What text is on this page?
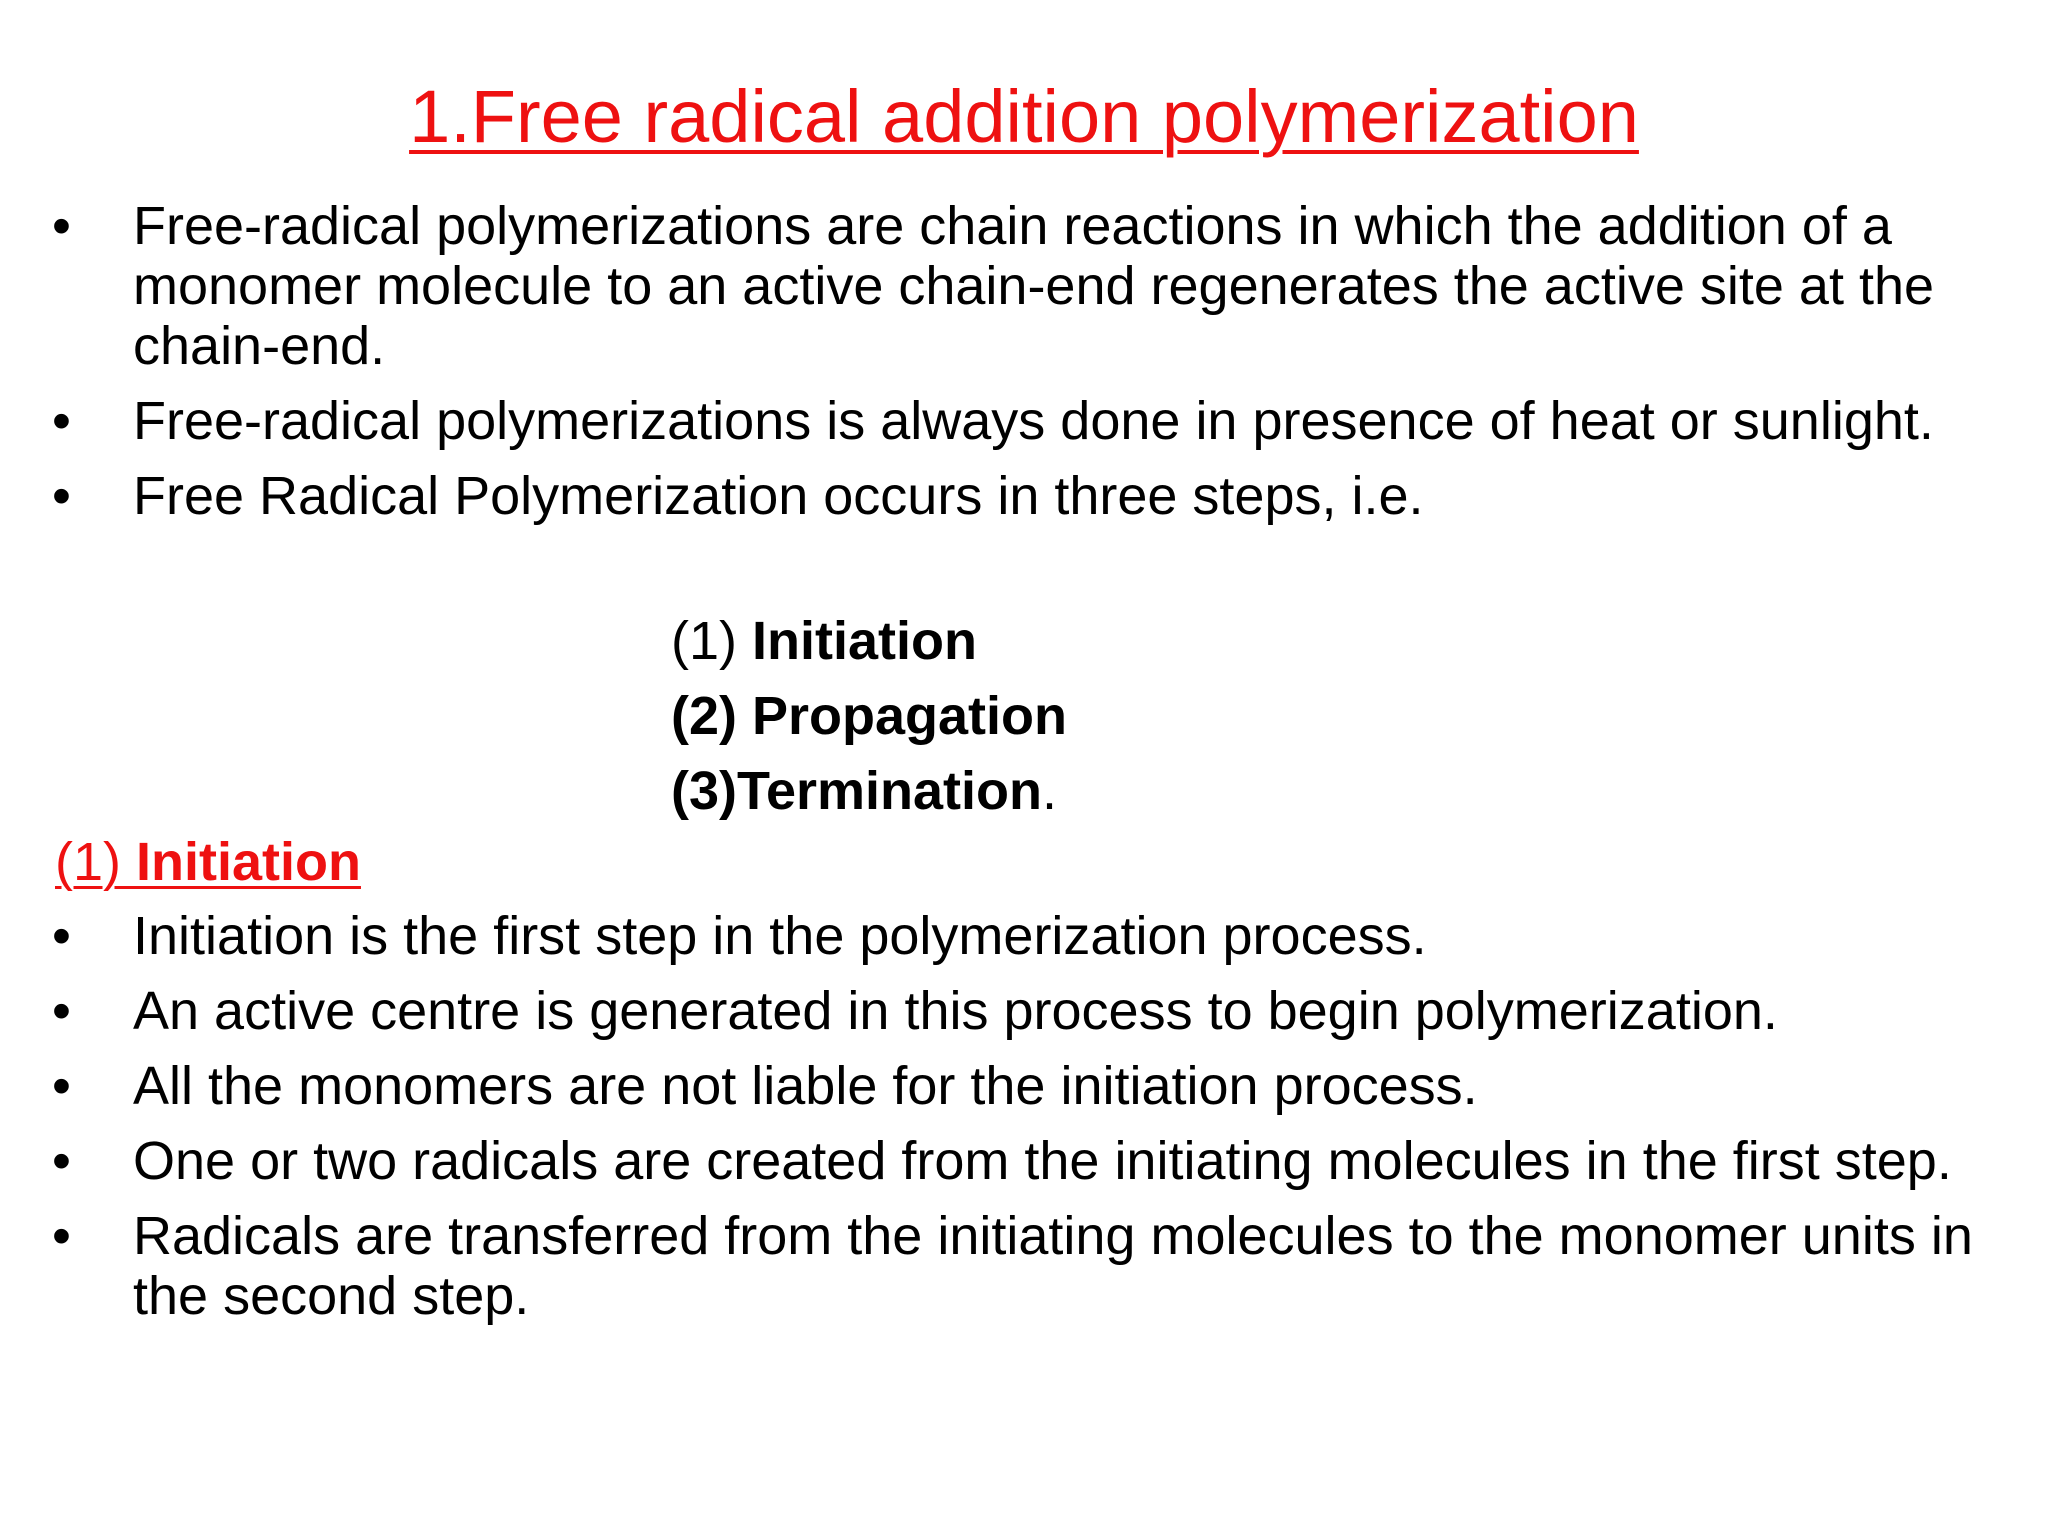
1.Free radical addition polymerization
• Free-radical polymerizations are chain reactions in which the addition of a monomer molecule to an active chain-end regenerates the active site at the chain-end.
• Free-radical polymerizations is always done in presence of heat or sunlight.
• Free Radical Polymerization occurs in three steps, i.e.
(1) Initiation
(2) Propagation
(3)Termination.
(1) Initiation
• Initiation is the first step in the polymerization process.
• An active centre is generated in this process to begin polymerization.
• All the monomers are not liable for the initiation process.
• One or two radicals are created from the initiating molecules in the first step.
• Radicals are transferred from the initiating molecules to the monomer units in the second step.
